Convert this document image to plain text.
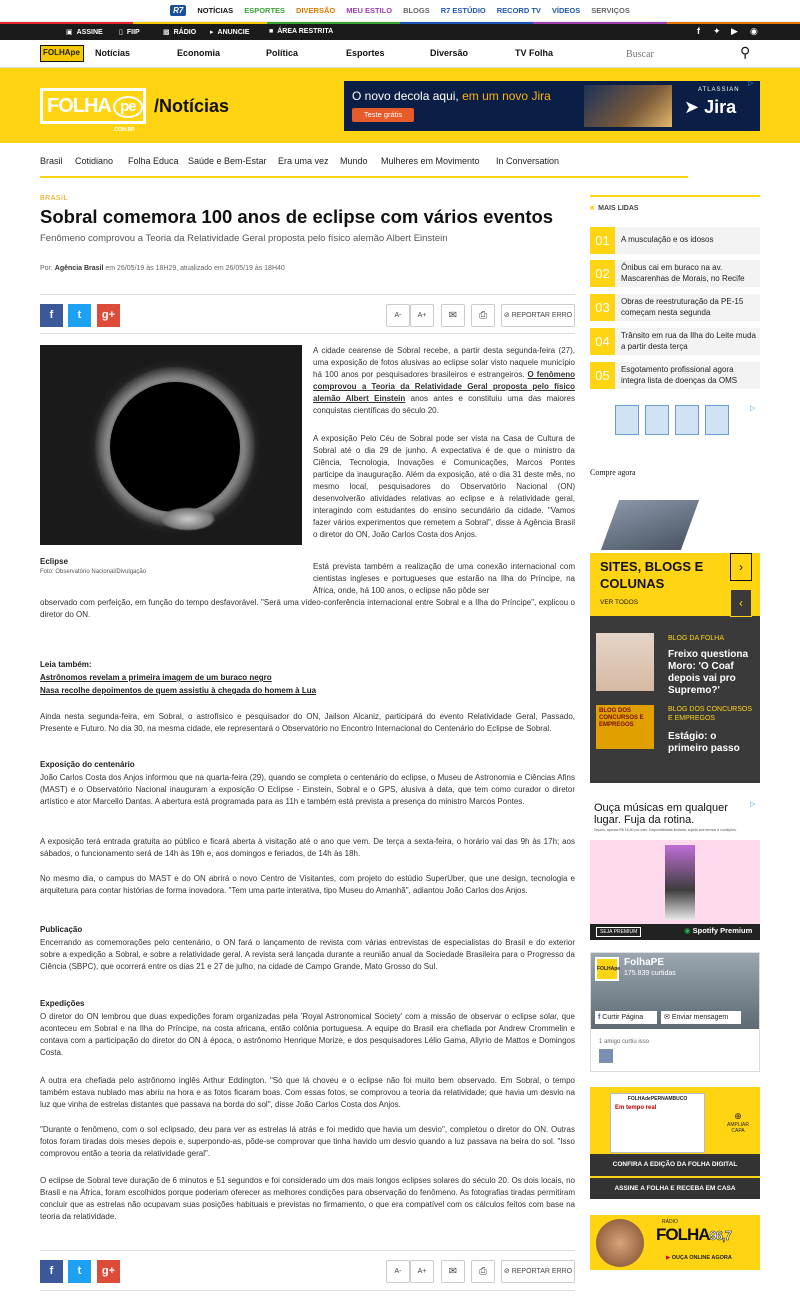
R7	NOTÍCIAS ESPORTES DIVERSÃO MEU ESTILO BLOGS R7 ESTÚDIO RECORD TV VÍDEOS SERVIÇOS
▣ ASSINE ▯ FIIP	▩ RÁDIO ▸ ANUNCIE	■ ÁREA RESTRITA	f ✦ ▶ ◉
FOLHApe	Notícias	Economia	Política	Esportes	Diversão	TV Folha
Buscar	⚲
FOLHA pe
.COM.BR
/Notícias	O novo decola aqui, em um novo Jira
Teste grátis
ATLASSIAN
➤ Jira
▷
Brasil Cotidiano Folha Educa Saúde e Bem-Estar Era uma vez Mundo Mulheres em Movimento In Conversation
BRASIL
Sobral comemora 100 anos de eclipse com vários eventos
Fenômeno comprovou a Teoria da Relatividade Geral proposta pelo físico alemão Albert Einstein
Por: Agência Brasil em 26/05/19 às 18H29, atualizado em 26/05/19 às 18H40
f	t	g+	A-	A+	✉	⎙	⊘ REPORTAR ERRO
Eclipse
Foto: Observatório Nacional/Divulgação
A cidade cearense de Sobral recebe, a partir desta segunda-feira (27), uma exposição de fotos alusivas ao eclipse solar visto naquele município há 100 anos por pesquisadores brasileiros e estrangeiros. O fenômeno comprovou a Teoria da Relatividade Geral proposta pelo físico alemão Albert Einstein anos antes e constituiu uma das maiores conquistas científicas do século 20.
A exposição Pelo Céu de Sobral pode ser vista na Casa de Cultura de Sobral até o dia 29 de junho. A expectativa é de que o ministro da Ciência, Tecnologia, Inovações e Comunicações, Marcos Pontes participe da inauguração. Além da exposição, até o dia 31 deste mês, no mesmo local, pesquisadores do Observatório Nacional (ON) desenvolverão atividades relativas ao eclipse e à relatividade geral, interagindo com estudantes do ensino secundário da cidade. "Vamos fazer vários experimentos que remetem a Sobral", disse à Agência Brasil o diretor do ON, João Carlos Costa dos Anjos.
Está prevista também a realização de uma conexão internacional com cientistas ingleses e portugueses que estarão na Ilha do Príncipe, na África, onde, há 100 anos, o eclipse não pôde ser
observado com perfeição, em função do tempo desfavorável. "Será uma vídeo-conferência internacional entre Sobral e a Ilha do Príncipe", explicou o diretor do ON.
Leia também:
Astrônomos revelam a primeira imagem de um buraco negro
Nasa recolhe depoimentos de quem assistiu à chegada do homem à Lua
Ainda nesta segunda-feira, em Sobral, o astrofísico e pesquisador do ON, Jailson Alcaniz, participará do evento Relatividade Geral, Passado, Presente e Futuro. No dia 30, na mesma cidade, ele representará o Observatório no Encontro Internacional do Centenário do Eclipse de Sobral.
Exposição do centenário
João Carlos Costa dos Anjos informou que na quarta-feira (29), quando se completa o centenário do eclipse, o Museu de Astronomia e Ciências Afins (MAST) e o Observatório Nacional inauguram a exposição O Eclipse - Einstein, Sobral e o GPS, alusiva à data, que tem como curador o diretor artístico e ator Marcello Dantas. A abertura está programada para as 11h e também está prevista a presença do ministro Marcos Pontes.
A exposição terá entrada gratuita ao público e ficará aberta à visitação até o ano que vem. De terça a sexta-feira, o horário vai das 9h às 17h; aos sábados, o funcionamento será de 14h às 19h e, aos domingos e feriados, de 14h às 18h.
No mesmo dia, o campus do MAST e do ON abrirá o novo Centro de Visitantes, com projeto do estúdio SuperUber, que une design, tecnologia e arquitetura para contar histórias de forma inovadora. "Tem uma parte interativa, tipo Museu do Amanhã", adiantou João Carlos dos Anjos.
Publicação
Encerrando as comemorações pelo centenário, o ON fará o lançamento de revista com várias entrevistas de especialistas do Brasil e do exterior sobre a expedição a Sobral, e sobre a relatividade geral. A revista será lançada durante a reunião anual da Sociedade Brasileira para o Progresso da Ciência (SBPC), que ocorrerá entre os dias 21 e 27 de julho, na cidade de Campo Grande, Mato Grosso do Sul.
Expedições
O diretor do ON lembrou que duas expedições foram organizadas pela 'Royal Astronomical Society' com a missão de observar o eclipse solar, que aconteceu em Sobral e na Ilha do Príncipe, na costa africana, então colônia portuguesa. A equipe do Brasil era chefiada por Andrew Crommelin e contava com a participação do diretor do ON à época, o astrônomo Henrique Morize, e dos pesquisadores Lélio Gama, Allyrio de Mattos e Domingos Costa.
A outra era chefiada pelo astrônomo inglês Arthur Eddington. "Só que lá choveu e o eclipse não foi muito bem observado. Em Sobral, o tempo também estava nublado mas abriu na hora e as fotos ficaram boas. Com essas fotos, se comprovou a teoria da relatividade; que havia um desvio na luz que vinha de estrelas distantes que passava na borda do sol", disse João Carlos Costa dos Anjos.
"Durante o fenômeno, com o sol eclipsado, deu para ver as estrelas lá atrás e foi medido que havia um desvio", completou o diretor do ON. Outras fotos foram tiradas dois meses depois e, superpondo-as, pôde-se comprovar que tinha havido um desvio quando a luz passava na beira do sol. "Isso comprovou então a teoria da relatividade geral".
O eclipse de Sobral teve duração de 6 minutos e 51 segundos e foi considerado um dos mais longos eclipses solares do século 20. Os dois locais, no Brasil e na África, foram escolhidos porque poderiam oferecer as melhores condições para observação do fenômeno. As fotografias tiradas permitiram concluir que as estrelas não ocupavam suas posições habituais e previstas no firmamento, o que era compatível com os cálculos feitos com base na teoria da relatividade.
f	t	g+	A-	A+	✉	⎙	⊘ REPORTAR ERRO
■ MAIS LIDAS
01	A musculação e os idosos
02	Ônibus cai em buraco na av. Mascarenhas de Morais, no Recife
03	Obras de reestruturação da PE-15 começam nesta segunda
04	Trânsito em rua da Ilha do Leite muda a partir desta terça
05	Esgotamento profissional agora integra lista de doenças da OMS
▷
Compre agora
SITES, BLOGS E COLUNAS
VER TODOS
›
‹
BLOG DA FOLHA
Freixo questiona Moro: 'O Coaf depois vai pro Supremo?'
BLOG DOS CONCURSOS E EMPREGOS
BLOG DOS CONCURSOS E EMPREGOS
Estágio: o primeiro passo
Ouça músicas em qualquer lugar. Fuja da rotina.
Depois, apenas R$ 16,90 por mês. Disponibilidade limitada, sujeito aos termos e condições.
SEJA PREMIUM	◉ Spotify Premium
▷
FOLHApe
FolhaPE
175.839 curtidas
f Curtir Página	✉ Enviar mensagem
1 amigo curtiu isso
FOLHAdePERNAMBUCO
Em tempo real
⊕
AMPLIAR CAPA
CONFIRA A EDIÇÃO DA FOLHA DIGITAL
ASSINE A FOLHA E RECEBA EM CASA
RÁDIO
FOLHA96,7
▶ OUÇA ONLINE AGORA
